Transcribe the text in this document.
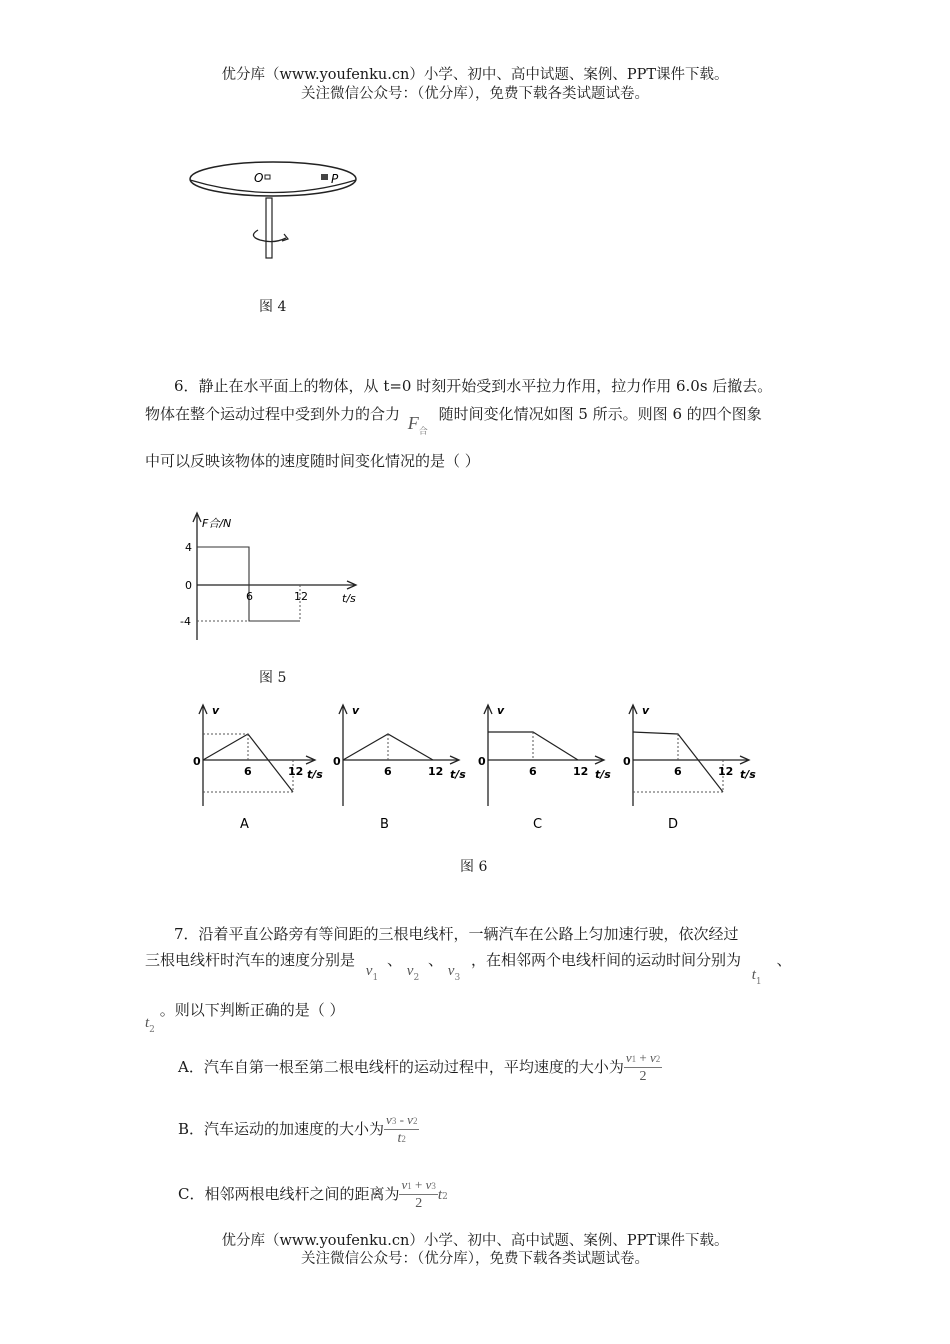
优分库（www.youfenku.cn）小学、初中、高中试题、案例、PPT课件下载。
关注微信公众号：（优分库），免费下载各类试题试卷。
O	P
图 4
6．静止在水平面上的物体，从 t=0 时刻开始受到水平拉力作用，拉力作用 6.0s 后撤去。
物体在整个运动过程中受到外力的合力 $F_合$ 随时间变化情况如图 5 所示。则图 6 的四个图象
中可以反映该物体的速度随时间变化情况的是（ ）
F合/N
4
0
-4
6	12	t/s
图 5
v
0
6	12 t/s
A
v
0
6	12 t/s
B
v
0
6	12 t/s
C
v
0
6	12 t/s
D
图 6
7．沿着平直公路旁有等间距的三根电线杆，一辆汽车在公路上匀加速行驶，依次经过
三根电线杆时汽车的速度分别是 $v_1$ 、 $v_2$ 、 $v_3$ ，在相邻两个电线杆间的运动时间分别为 $t_1$ 、
$t_2$ 。则以下判断正确的是（ ）
A．汽车自第一根至第二根电线杆的运动过程中，平均速度的大小为 $\frac{v1 + v2}{2}$
B．汽车运动的加速度的大小为 $\frac{v3 - v2}{t2}$
C．相邻两根电线杆之间的距离为 $\frac{v1 + v3}{2} t2$
优分库（www.youfenku.cn）小学、初中、高中试题、案例、PPT课件下载。
关注微信公众号：（优分库），免费下载各类试题试卷。
